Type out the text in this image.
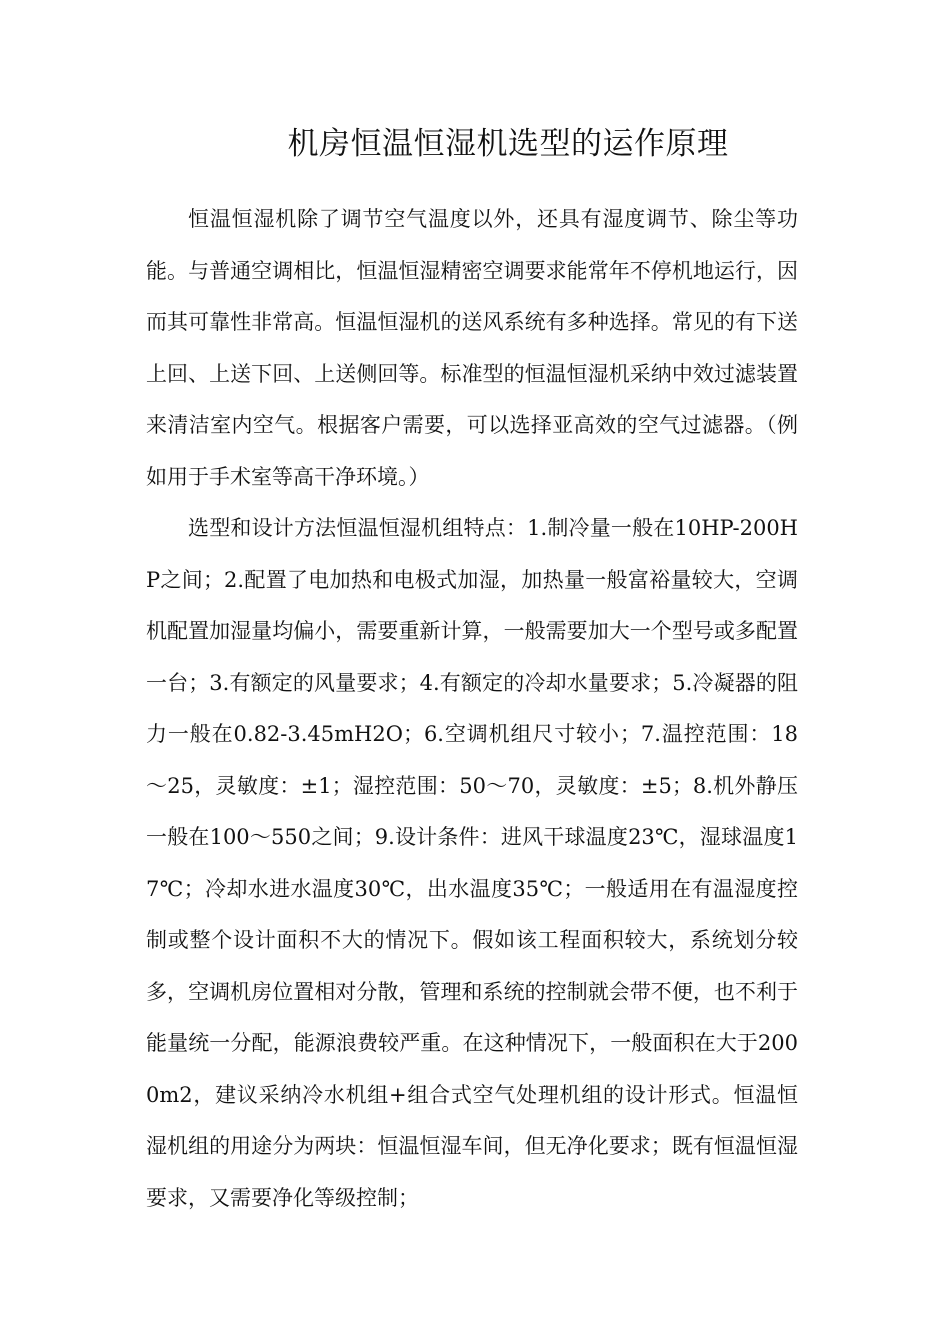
机房恒温恒湿机选型的运作原理

恒温恒湿机除了调节空气温度以外，还具有湿度调节、除尘等功能。与普通空调相比，恒温恒湿精密空调要求能常年不停机地运行，因而其可靠性非常高。恒温恒湿机的送风系统有多种选择。常见的有下送上回、上送下回、上送侧回等。标准型的恒温恒湿机采纳中效过滤装置来清洁室内空气。根据客户需要，可以选择亚高效的空气过滤器。（例如用于手术室等高干净环境。）

选型和设计方法恒温恒湿机组特点：1.制冷量一般在10HP-200HP之间；2.配置了电加热和电极式加湿，加热量一般富裕量较大，空调机配置加湿量均偏小，需要重新计算，一般需要加大一个型号或多配置一台；3.有额定的风量要求；4.有额定的冷却水量要求；5.冷凝器的阻力一般在0.82-3.45mH2O；6.空调机组尺寸较小；7.温控范围：18～25，灵敏度：±1；湿控范围：50～70，灵敏度：±5；8.机外静压一般在100～550之间；9.设计条件：进风干球温度23℃，湿球温度17℃；冷却水进水温度30℃，出水温度35℃；一般适用在有温湿度控制或整个设计面积不大的情况下。假如该工程面积较大，系统划分较多，空调机房位置相对分散，管理和系统的控制就会带不便，也不利于能量统一分配，能源浪费较严重。在这种情况下，一般面积在大于2000m2，建议采纳冷水机组+组合式空气处理机组的设计形式。恒温恒湿机组的用途分为两块：恒温恒湿车间，但无净化要求；既有恒温恒湿要求，又需要净化等级控制；
